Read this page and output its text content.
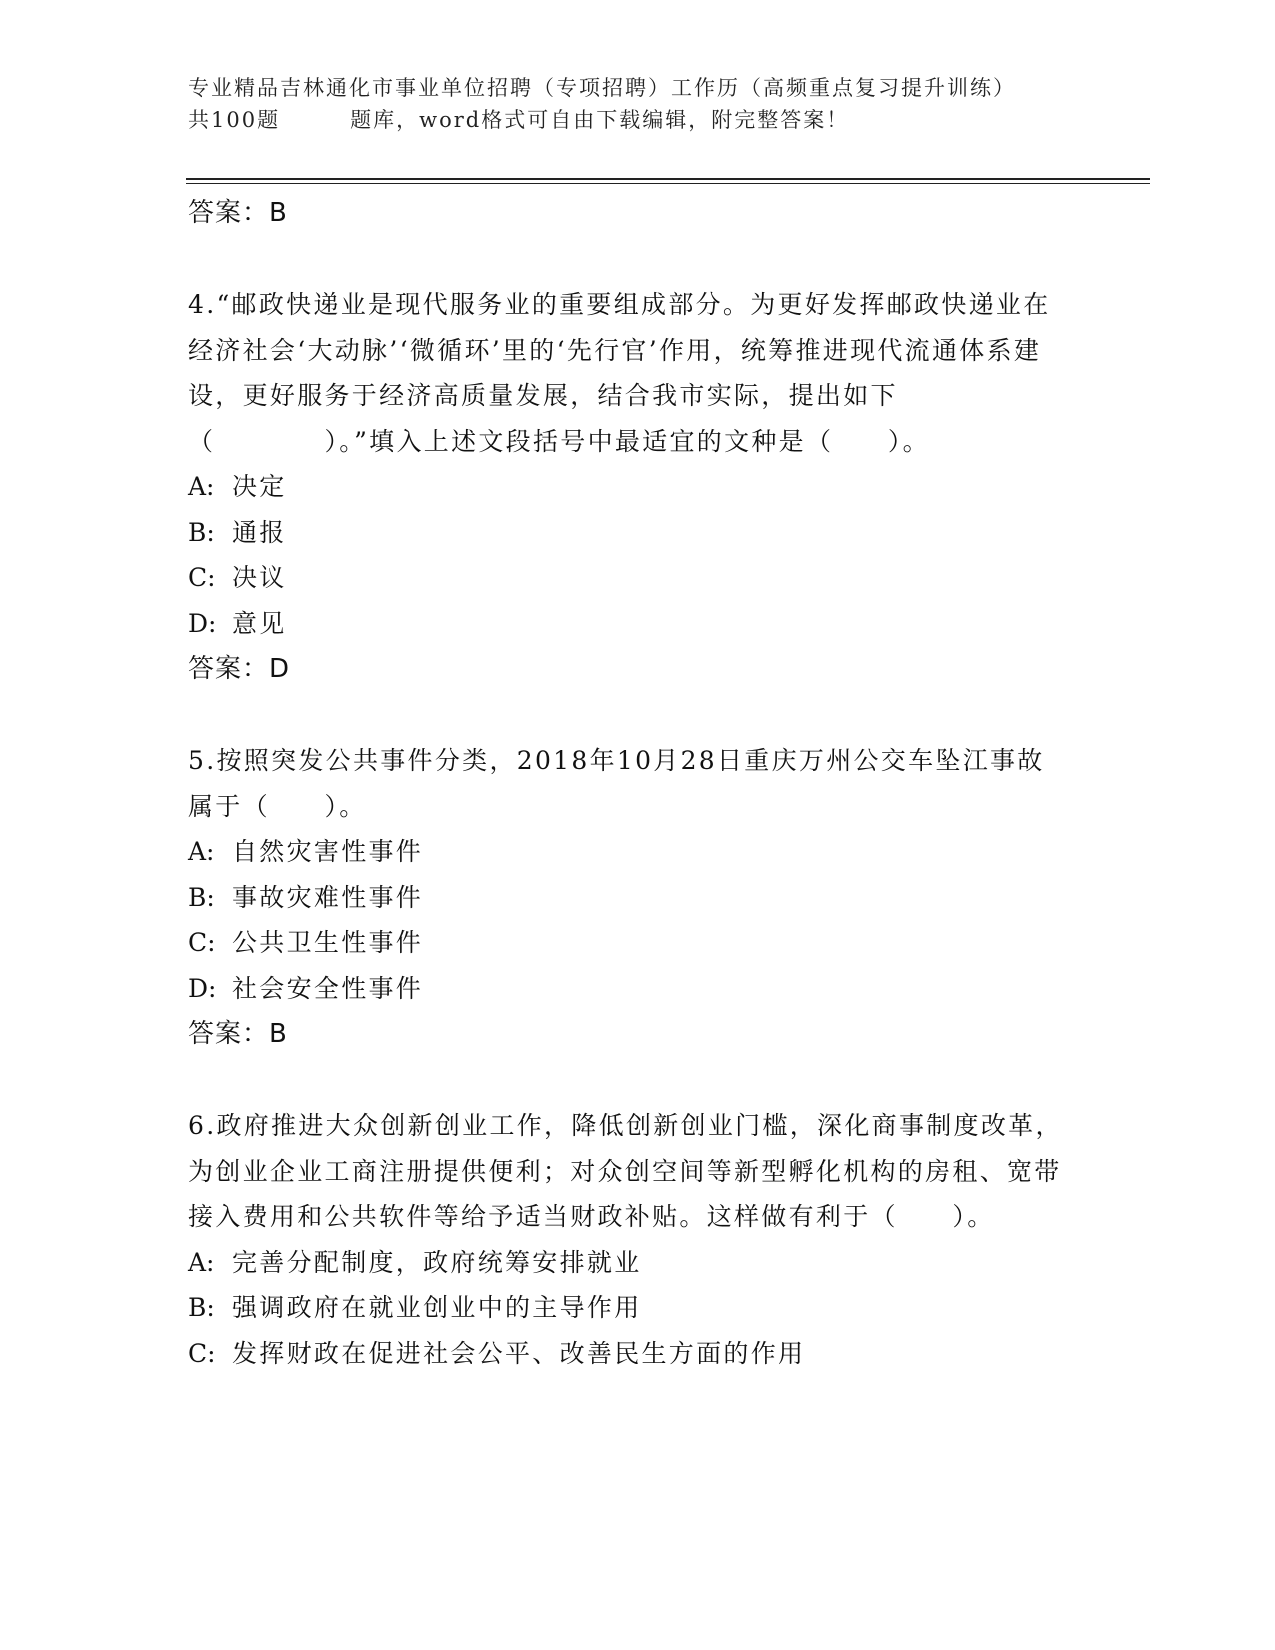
专业精品吉林通化市事业单位招聘（专项招聘）工作历（高频重点复习提升训练）
共100题	题库，word格式可自由下载编辑，附完整答案！
答案：B

4.“邮政快递业是现代服务业的重要组成部分。为更好发挥邮政快递业在经济社会‘大动脉’‘微循环’里的‘先行官’作用，统筹推进现代流通体系建设，更好服务于经济高质量发展，结合我市实际，提出如下（　　　　）。”填入上述文段括号中最适宜的文种是（　　）。

A: 决定

B: 通报

C: 决议

D: 意见

答案：D

5.按照突发公共事件分类，2018年10月28日重庆万州公交车坠江事故属于（　　）。

A: 自然灾害性事件

B: 事故灾难性事件

C: 公共卫生性事件

D: 社会安全性事件

答案：B

6.政府推进大众创新创业工作，降低创新创业门槛，深化商事制度改革，为创业企业工商注册提供便利；对众创空间等新型孵化机构的房租、宽带接入费用和公共软件等给予适当财政补贴。这样做有利于（　　）。

A: 完善分配制度，政府统筹安排就业

B: 强调政府在就业创业中的主导作用

C: 发挥财政在促进社会公平、改善民生方面的作用
